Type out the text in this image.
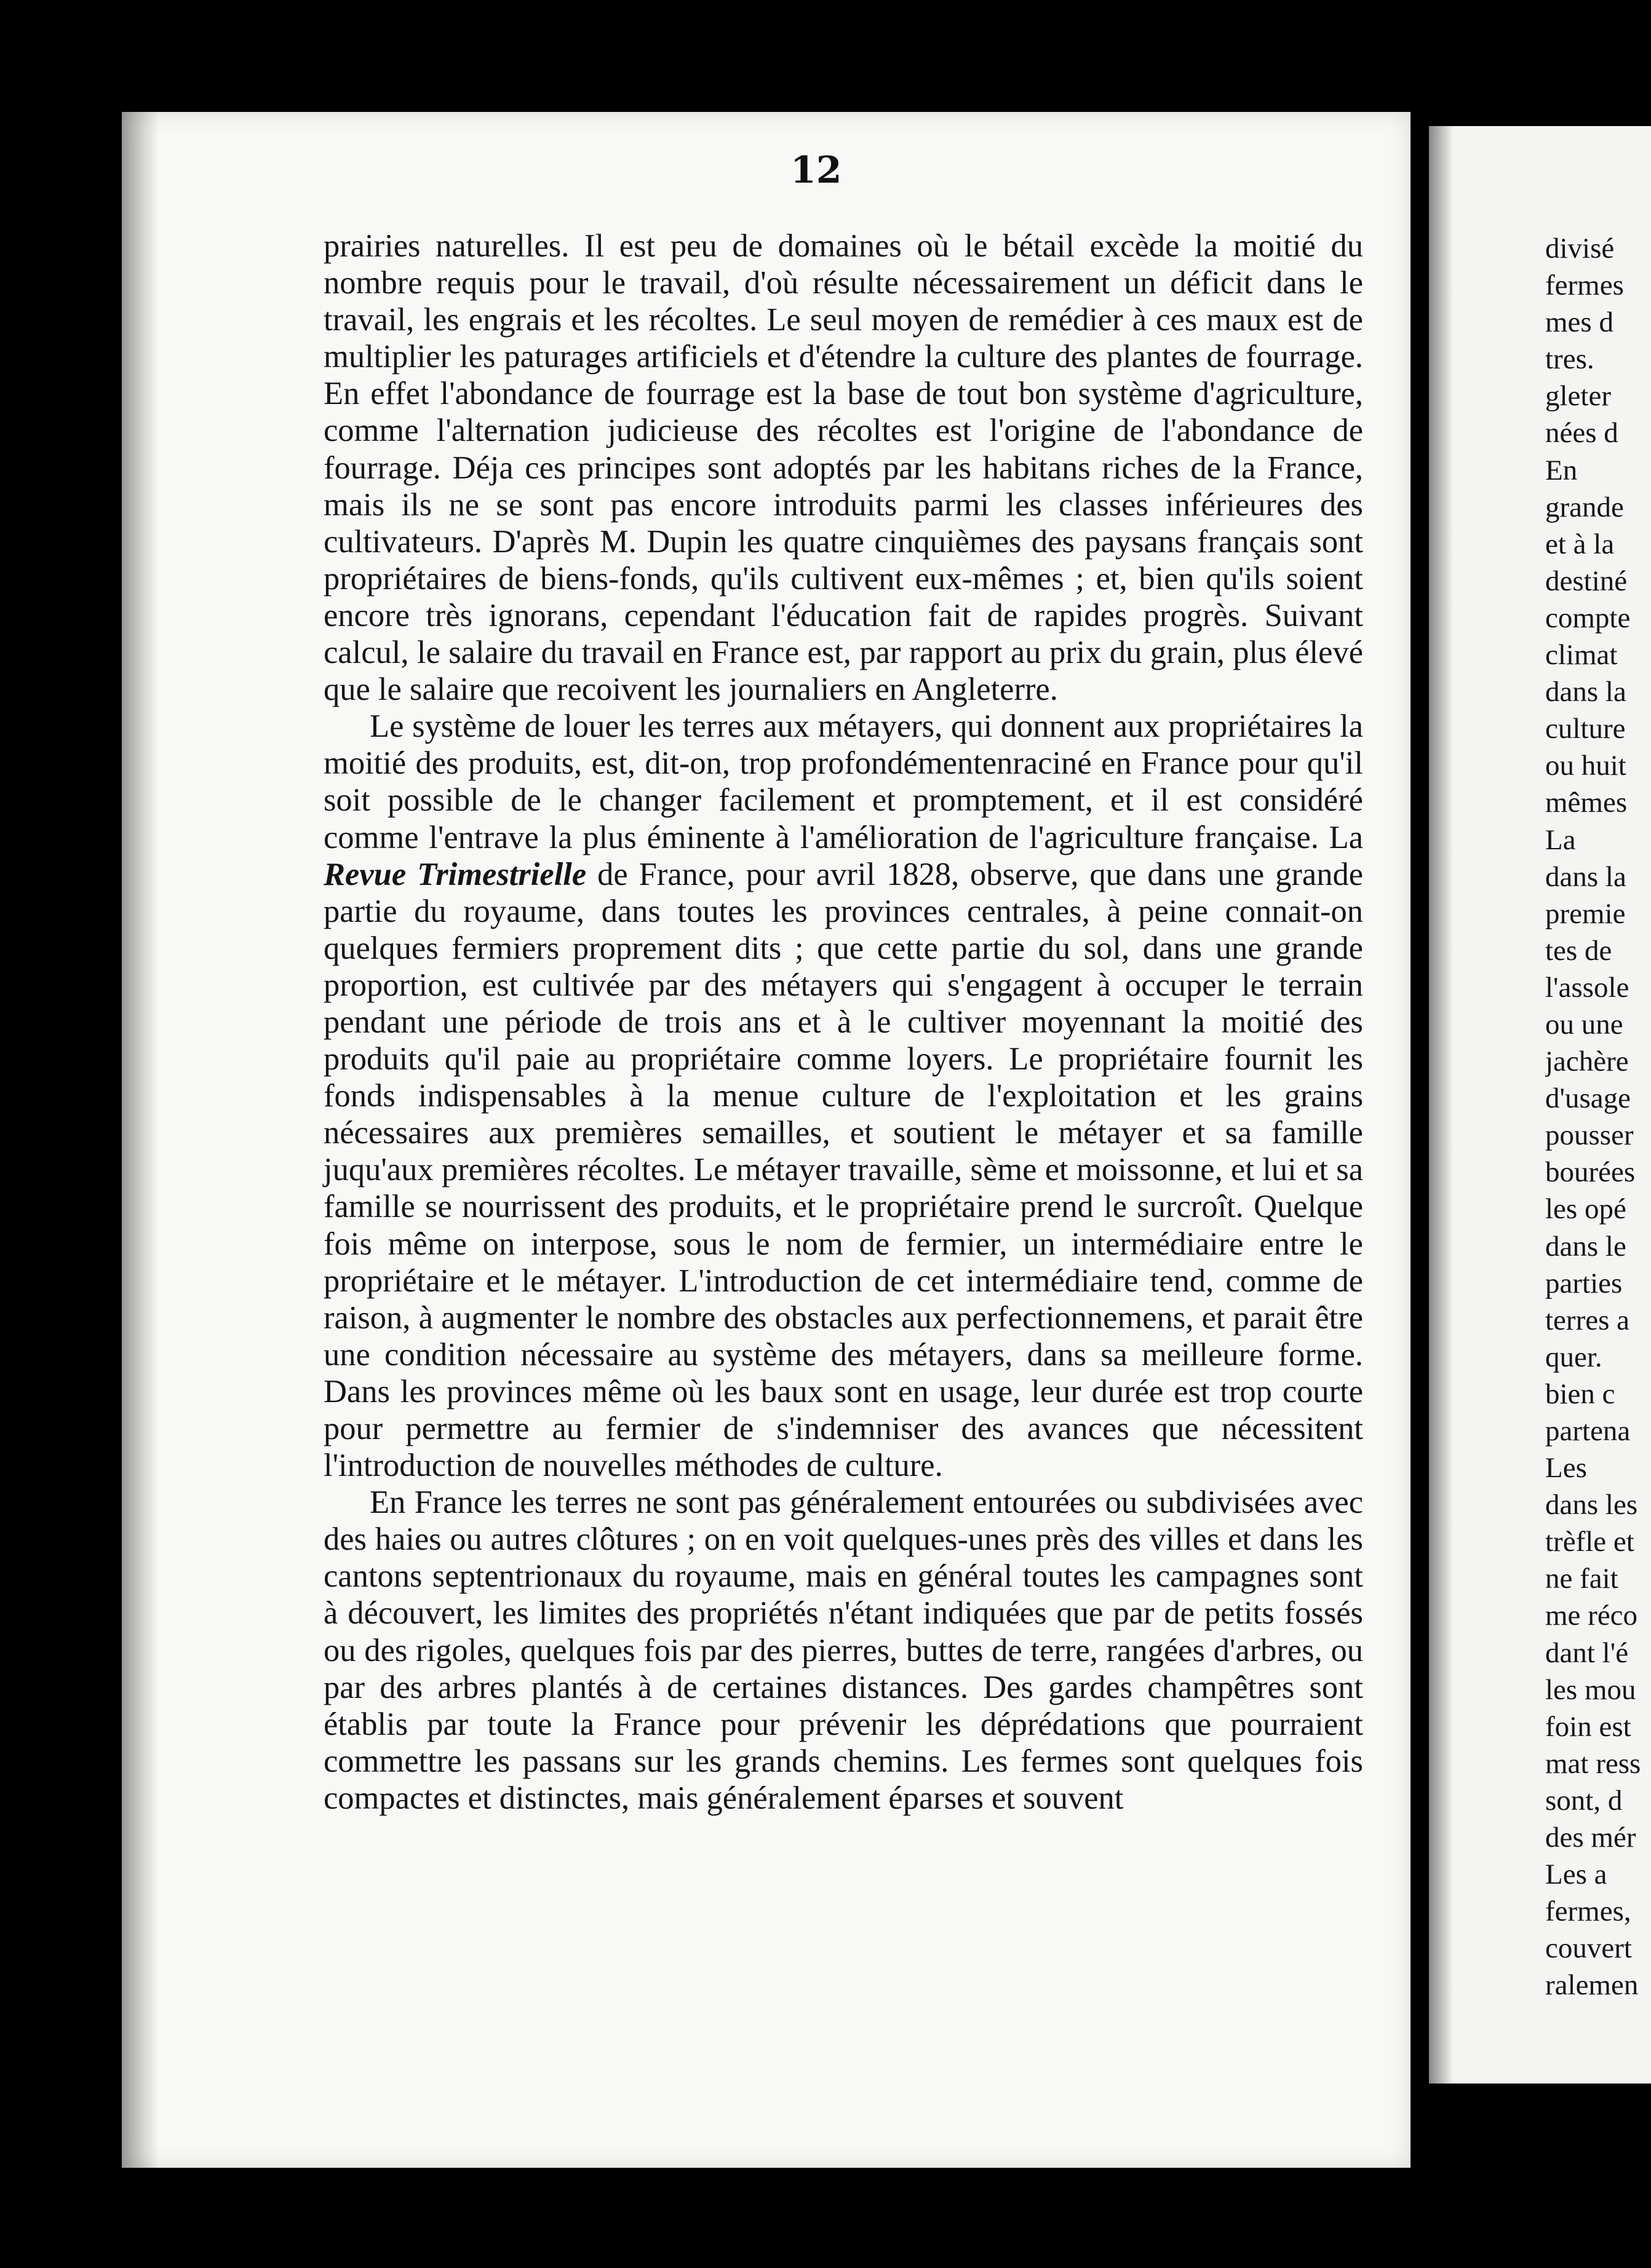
12

prairies naturelles. Il est peu de domaines où le bétail excède la moitié du nombre requis pour le travail, d'où résulte nécessairement un déficit dans le travail, les engrais et les récoltes. Le seul moyen de remédier à ces maux est de multiplier les paturages artificiels et d'étendre la culture des plantes de fourrage. En effet l'abondance de fourrage est la base de tout bon système d'agriculture, comme l'alternation judicieuse des récoltes est l'origine de l'abondance de fourrage. Déja ces principes sont adoptés par les habitans riches de la France, mais ils ne se sont pas encore introduits parmi les classes inférieures des cultivateurs. D'après M. Dupin les quatre cinquièmes des paysans français sont propriétaires de biens-fonds, qu'ils cultivent eux-mêmes ; et, bien qu'ils soient encore très ignorans, cependant l'éducation fait de rapides progrès. Suivant calcul, le salaire du travail en France est, par rapport au prix du grain, plus élevé que le salaire que recoivent les journaliers en Angleterre.

Le système de louer les terres aux métayers, qui donnent aux propriétaires la moitié des produits, est, dit-on, trop profondémentenraciné en France pour qu'il soit possible de le changer facilement et promptement, et il est considéré comme l'entrave la plus éminente à l'amélioration de l'agriculture française. La Revue Trimestrielle de France, pour avril 1828, observe, que dans une grande partie du royaume, dans toutes les provinces centrales, à peine connait-on quelques fermiers proprement dits ; que cette partie du sol, dans une grande proportion, est cultivée par des métayers qui s'engagent à occuper le terrain pendant une période de trois ans et à le cultiver moyennant la moitié des produits qu'il paie au propriétaire comme loyers. Le propriétaire fournit les fonds indispensables à la menue culture de l'exploitation et les grains nécessaires aux premières semailles, et soutient le métayer et sa famille juqu'aux premières récoltes. Le métayer travaille, sème et moissonne, et lui et sa famille se nourrissent des produits, et le propriétaire prend le surcroît. Quelque fois même on interpose, sous le nom de fermier, un intermédiaire entre le propriétaire et le métayer. L'introduction de cet intermédiaire tend, comme de raison, à augmenter le nombre des obstacles aux perfectionnemens, et parait être une condition nécessaire au système des métayers, dans sa meilleure forme. Dans les provinces même où les baux sont en usage, leur durée est trop courte pour permettre au fermier de s'indemniser des avances que nécessitent l'introduction de nouvelles méthodes de culture.

En France les terres ne sont pas généralement entourées ou subdivisées avec des haies ou autres clôtures ; on en voit quelques-unes près des villes et dans les cantons septentrionaux du royaume, mais en général toutes les campagnes sont à découvert, les limites des propriétés n'étant indiquées que par de petits fossés ou des rigoles, quelques fois par des pierres, buttes de terre, rangées d'arbres, ou par des arbres plantés à de certaines distances. Des gardes champêtres sont établis par toute la France pour prévenir les déprédations que pourraient commettre les passans sur les grands chemins. Les fermes sont quelques fois compactes et distinctes, mais généralement éparses et souvent

divisé
fermes
mes d
tres.
gleter
nées d
En
grande
et à la
destiné
compte
climat
dans la
culture
ou huit
mêmes
La
dans la
premie
tes de
l'assole
ou une
jachère
d'usage
pousser
bourées
les opé
dans le
parties
terres a
quer.
bien c
partena
Les
dans les
trèfle et
ne fait
me réco
dant l'é
les mou
foin est
mat ress
sont, d
des mér
Les a
fermes,
couvert
ralemen
